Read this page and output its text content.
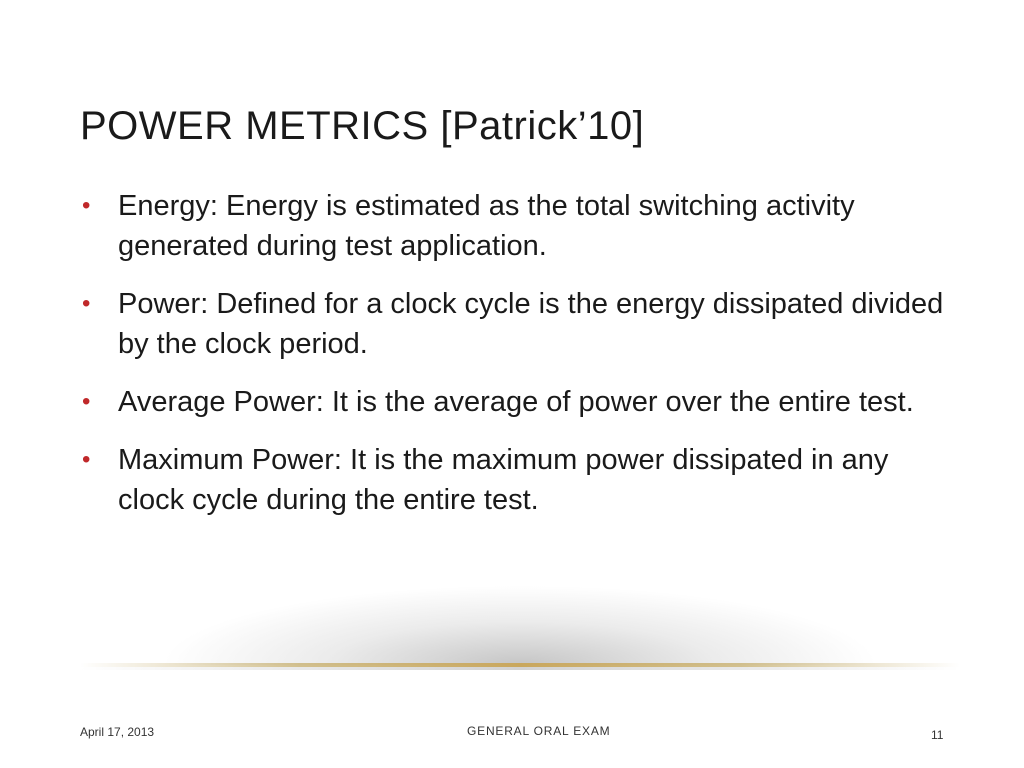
POWER METRICS [Patrick’10]
• Energy: Energy is estimated as the total switching activity generated during test application.
• Power: Defined for a clock cycle is the energy dissipated divided by the clock period.
• Average Power: It is the average of power over the entire test.
• Maximum Power: It is the maximum power dissipated in any clock cycle during the entire test.
April 17, 2013	GENERAL ORAL EXAM	11
